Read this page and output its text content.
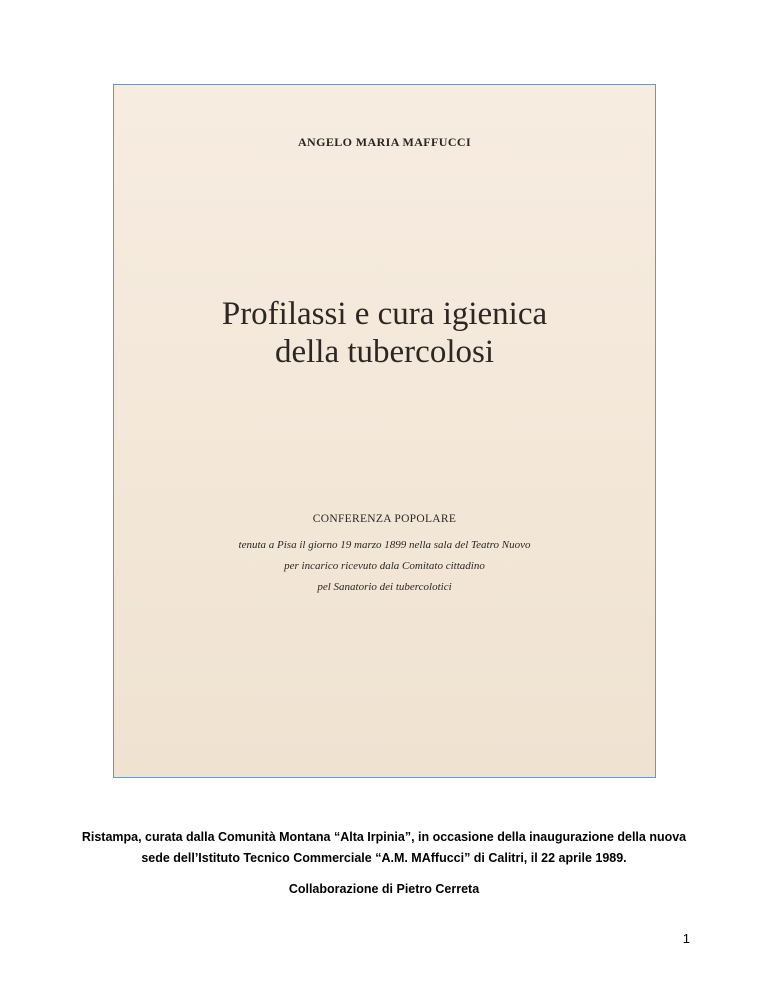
ANGELO MARIA MAFFUCCI
Profilassi e cura igienica
della tubercolosi
CONFERENZA POPOLARE
tenuta a Pisa il giorno 19 marzo 1899 nella sala del Teatro Nuovo
per incarico ricevuto dala Comitato cittadino
pel Sanatorio dei tubercolotici
Ristampa, curata dalla Comunità Montana “Alta Irpinia”, in occasione della inaugurazione della nuova
sede dell’Istituto Tecnico Commerciale “A.M. MAffucci” di Calitri, il 22 aprile 1989.
Collaborazione di Pietro Cerreta
1
